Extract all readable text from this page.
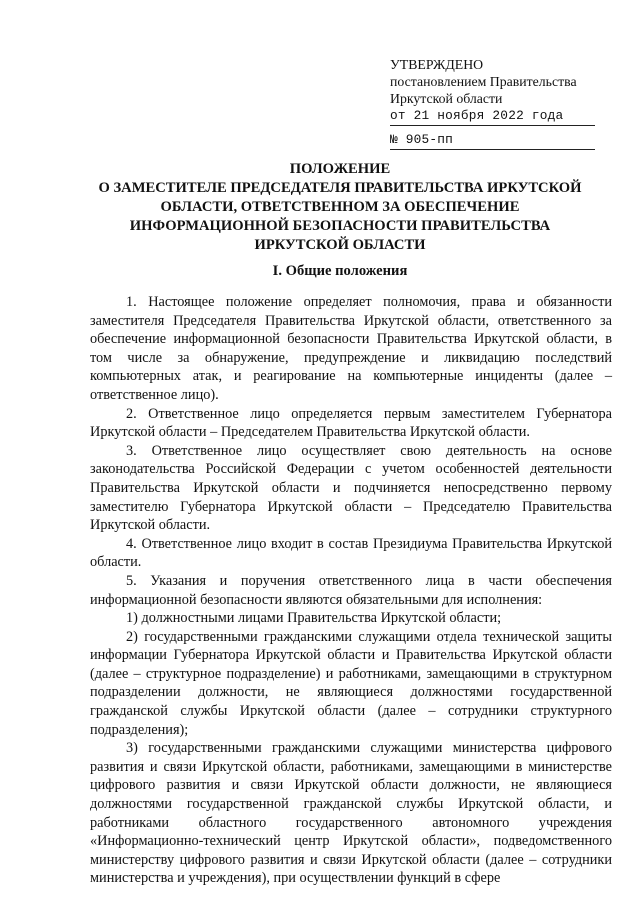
УТВЕРЖДЕНО
постановлением Правительства
Иркутской области
от 21 ноября 2022 года
№ 905-пп
ПОЛОЖЕНИЕ
О ЗАМЕСТИТЕЛЕ ПРЕДСЕДАТЕЛЯ ПРАВИТЕЛЬСТВА ИРКУТСКОЙ
ОБЛАСТИ, ОТВЕТСТВЕННОМ ЗА ОБЕСПЕЧЕНИЕ
ИНФОРМАЦИОННОЙ БЕЗОПАСНОСТИ ПРАВИТЕЛЬСТВА
ИРКУТСКОЙ ОБЛАСТИ
I. Общие положения

1. Настоящее положение определяет полномочия, права и обязанности заместителя Председателя Правительства Иркутской области, ответственного за обеспечение информационной безопасности Правительства Иркутской области, в том числе за обнаружение, предупреждение и ликвидацию последствий компьютерных атак, и реагирование на компьютерные инциденты (далее – ответственное лицо).

2. Ответственное лицо определяется первым заместителем Губернатора Иркутской области – Председателем Правительства Иркутской области.

3. Ответственное лицо осуществляет свою деятельность на основе законодательства Российской Федерации с учетом особенностей деятельности Правительства Иркутской области и подчиняется непосредственно первому заместителю Губернатора Иркутской области – Председателю Правительства Иркутской области.

4. Ответственное лицо входит в состав Президиума Правительства Иркутской области.

5. Указания и поручения ответственного лица в части обеспечения информационной безопасности являются обязательными для исполнения:

1) должностными лицами Правительства Иркутской области;

2) государственными гражданскими служащими отдела технической защиты информации Губернатора Иркутской области и Правительства Иркутской области (далее – структурное подразделение) и работниками, замещающими в структурном подразделении должности, не являющиеся должностями государственной гражданской службы Иркутской области (далее – сотрудники структурного подразделения);

3) государственными гражданскими служащими министерства цифрового развития и связи Иркутской области, работниками, замещающими в министерстве цифрового развития и связи Иркутской области должности, не являющиеся должностями государственной гражданской службы Иркутской области, и работниками областного государственного автономного учреждения «Информационно-технический центр Иркутской области», подведомственного министерству цифрового развития и связи Иркутской области (далее – сотрудники министерства и учреждения), при осуществлении функций в сфере
